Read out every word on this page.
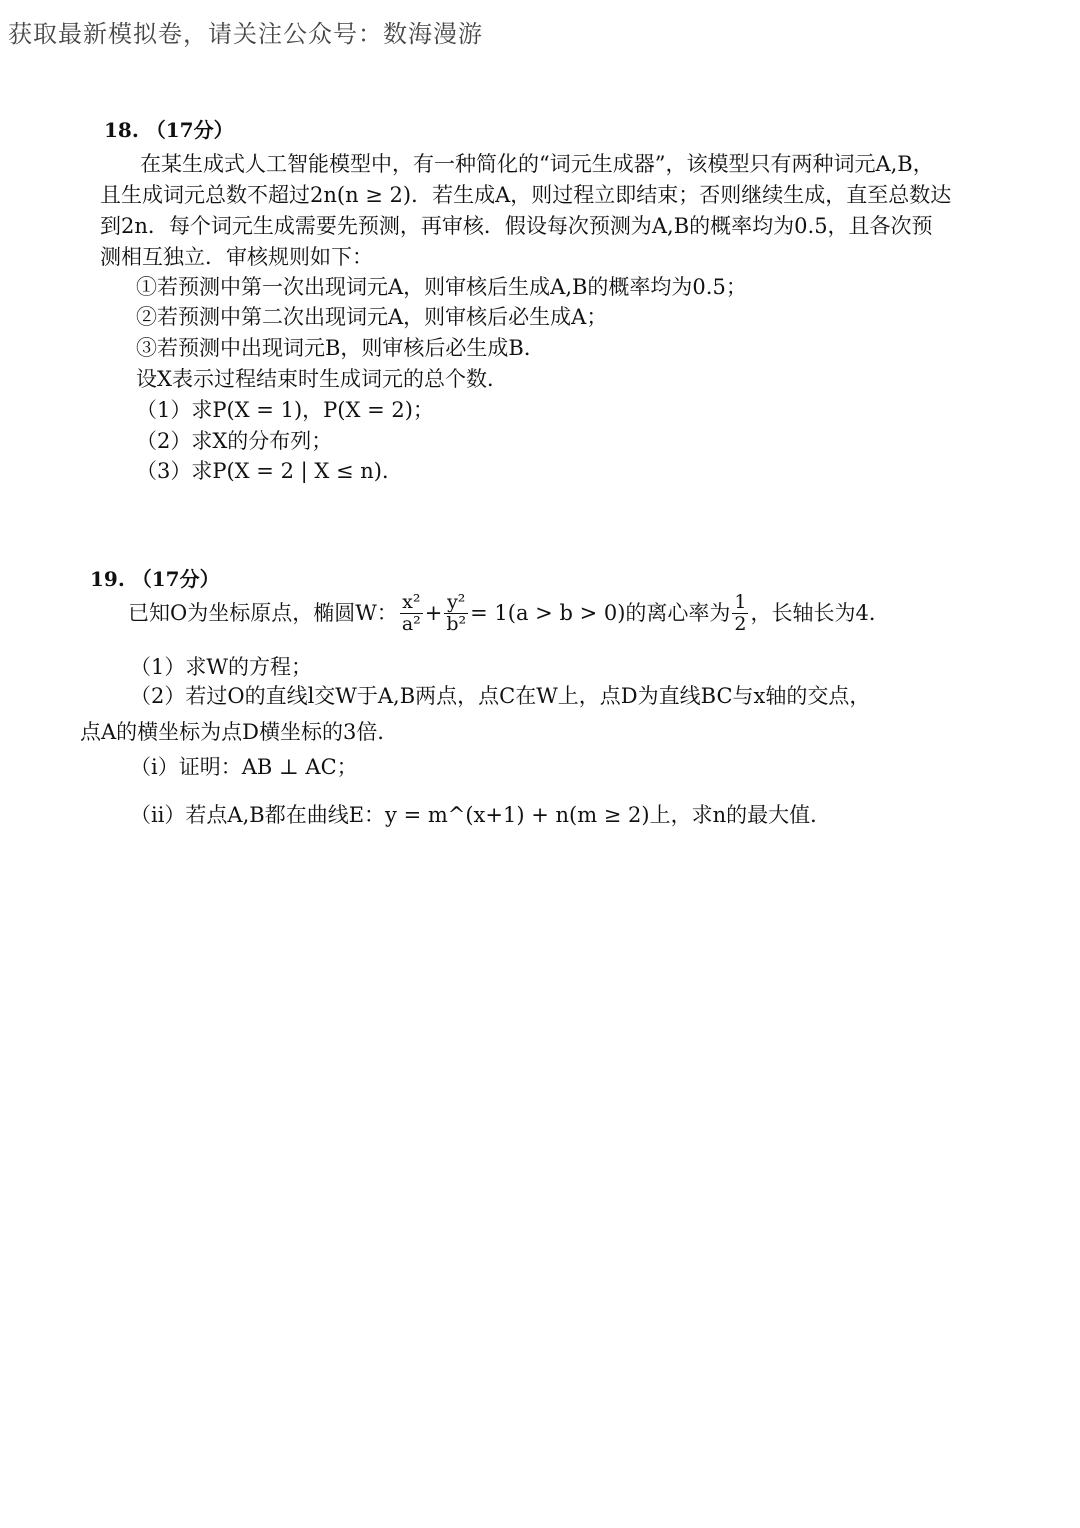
获取最新模拟卷，请关注公众号：数海漫游
18. （17分）
在某生成式人工智能模型中，有一种简化的“词元生成器”，该模型只有两种词元A,B，
且生成词元总数不超过2n(n ≥ 2)．若生成A，则过程立即结束；否则继续生成，直至总数达
到2n．每个词元生成需要先预测，再审核．假设每次预测为A,B的概率均为0.5，且各次预
测相互独立．审核规则如下：
①若预测中第一次出现词元A，则审核后生成A,B的概率均为0.5；
②若预测中第二次出现词元A，则审核后必生成A；
③若预测中出现词元B，则审核后必生成B．
设X表示过程结束时生成词元的总个数．
（1）求P(X = 1)，P(X = 2)；
（2）求X的分布列；
（3）求P(X = 2 | X ≤ n)．
19. （17分）
已知O为坐标原点，椭圆W： $\frac{\text{x²}}{\text{a²}} + \frac{\text{y²}}{\text{b²}} = 1(a > b > 0)$的离心率为 $\frac{1}{2}$ ，长轴长为4．
（1）求W的方程；
（2）若过O的直线l交W于A,B两点，点C在W上，点D为直线BC与x轴的交点，
点A的横坐标为点D横坐标的3倍．
（ⅰ）证明：AB ⊥ AC；
（ⅱ）若点A,B都在曲线E：y = m^(x+1) + n(m ≥ 2)上，求n的最大值．
